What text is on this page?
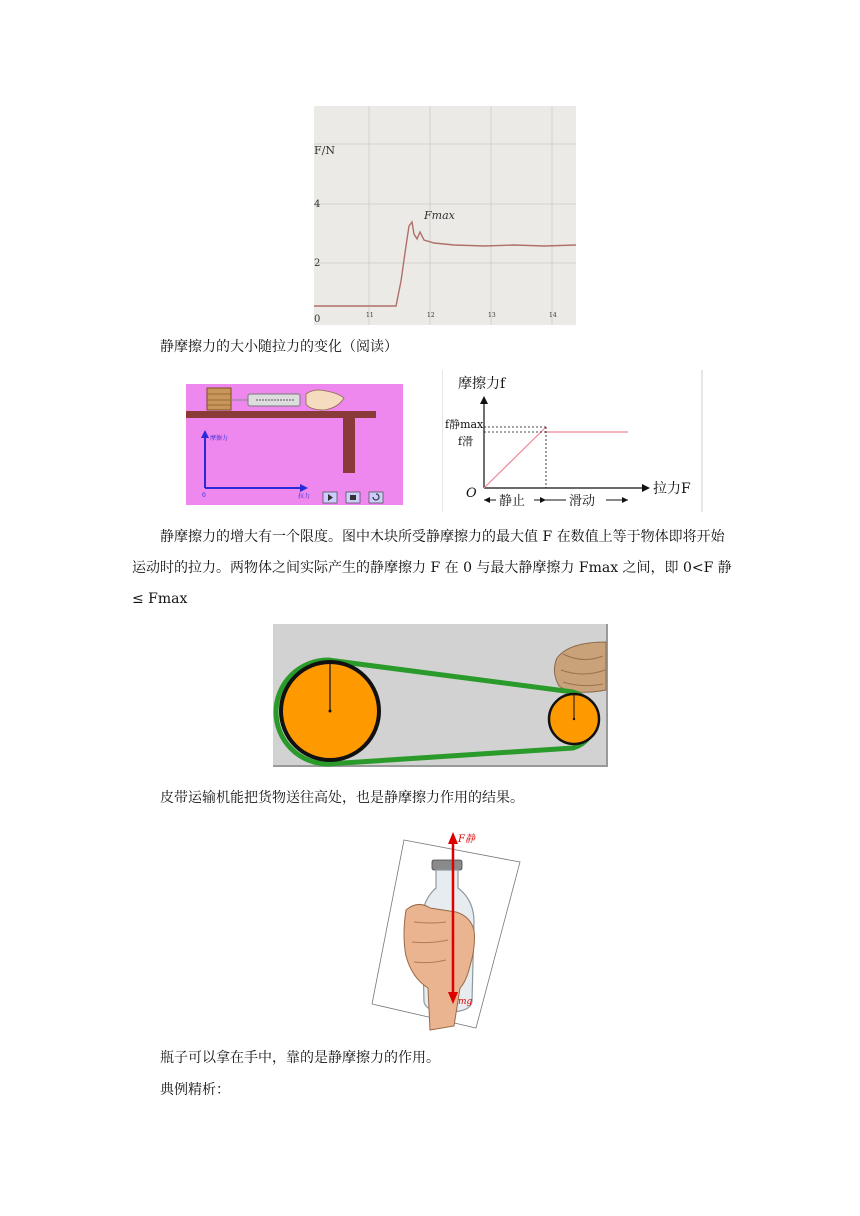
F/N
4
2
0	11	12	13	14
Fmax
静摩擦力的大小随拉力的变化（阅读）
摩擦力
拉力
0
摩擦力f
f静max
f滑
O	拉力F
静止	滑动
静摩擦力的增大有一个限度。图中木块所受静摩擦力的最大值 F 在数值上等于物体即将开始运动时的拉力。两物体之间实际产生的静摩擦力 F 在 0 与最大静摩擦力 Fmax 之间，即 0<F 静≤ Fmax
皮带运输机能把货物送往高处，也是静摩擦力作用的结果。
F静
mg
瓶子可以拿在手中，靠的是静摩擦力的作用。
典例精析：
